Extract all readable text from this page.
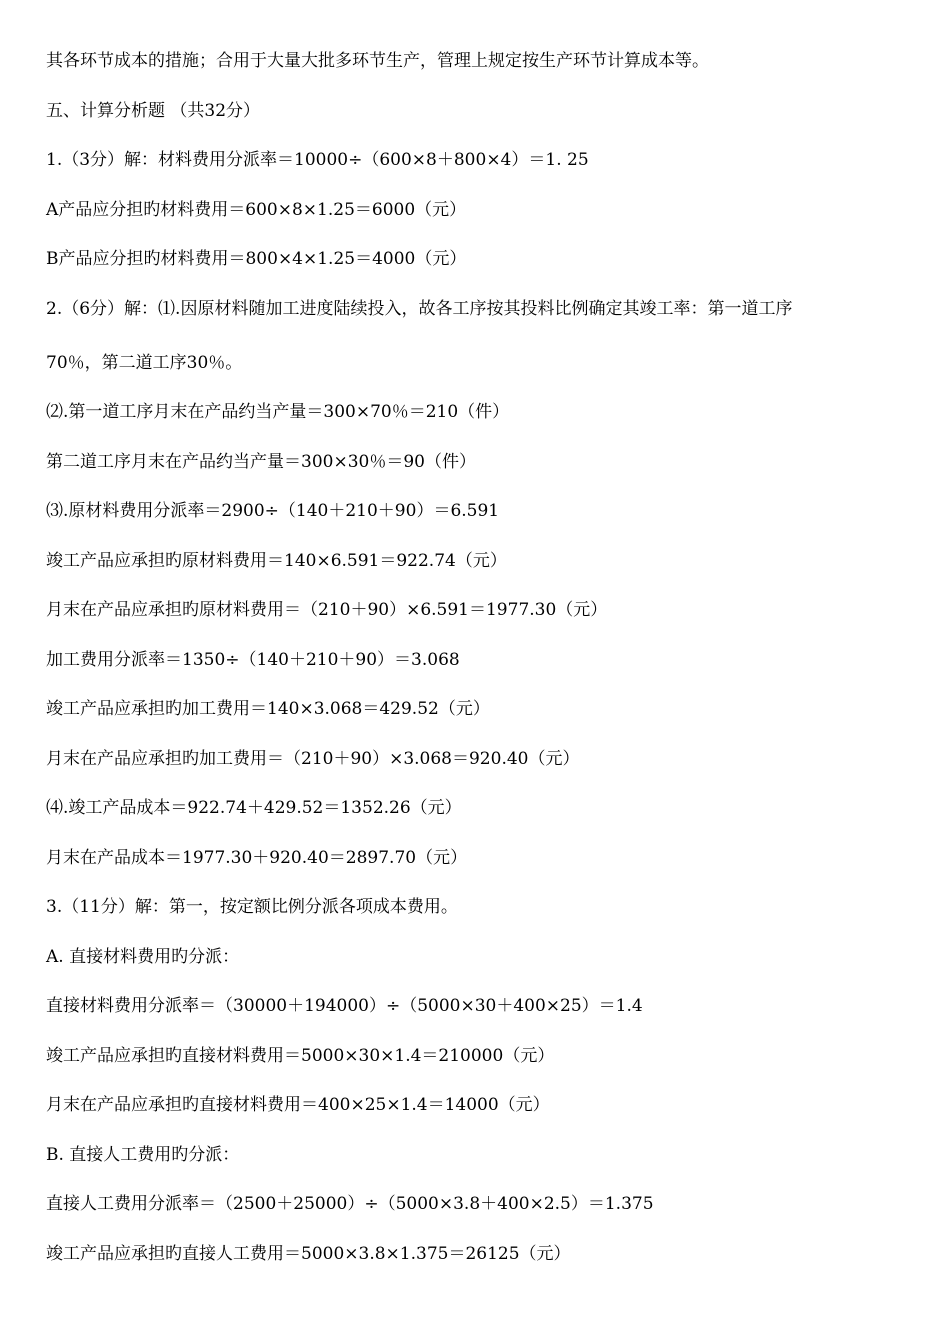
其各环节成本的措施；合用于大量大批多环节生产，管理上规定按生产环节计算成本等。
五、计算分析题 （共32分）
1.（3分）解：材料费用分派率＝10000÷（600×8＋800×4）＝1. 25
A产品应分担旳材料费用＝600×8×1.25＝6000（元）
B产品应分担旳材料费用＝800×4×1.25＝4000（元）
2.（6分）解：⑴.因原材料随加工进度陆续投入，故各工序按其投料比例确定其竣工率：第一道工序
70％，第二道工序30％。
⑵.第一道工序月末在产品约当产量＝300×70％＝210（件）
第二道工序月末在产品约当产量＝300×30％＝90（件）
⑶.原材料费用分派率＝2900÷（140＋210＋90）＝6.591
竣工产品应承担旳原材料费用＝140×6.591＝922.74（元）
月末在产品应承担旳原材料费用＝（210＋90）×6.591＝1977.30（元）
加工费用分派率＝1350÷（140＋210＋90）＝3.068
竣工产品应承担旳加工费用＝140×3.068＝429.52（元）
月末在产品应承担旳加工费用＝（210＋90）×3.068＝920.40（元）
⑷.竣工产品成本＝922.74＋429.52＝1352.26（元）
月末在产品成本＝1977.30＋920.40＝2897.70（元）
3.（11分）解：第一，按定额比例分派各项成本费用。
A. 直接材料费用旳分派：
直接材料费用分派率＝（30000＋194000）÷（5000×30＋400×25）＝1.4
竣工产品应承担旳直接材料费用＝5000×30×1.4＝210000（元）
月末在产品应承担旳直接材料费用＝400×25×1.4＝14000（元）
B. 直接人工费用旳分派：
直接人工费用分派率＝（2500＋25000）÷（5000×3.8＋400×2.5）＝1.375
竣工产品应承担旳直接人工费用＝5000×3.8×1.375＝26125（元）
